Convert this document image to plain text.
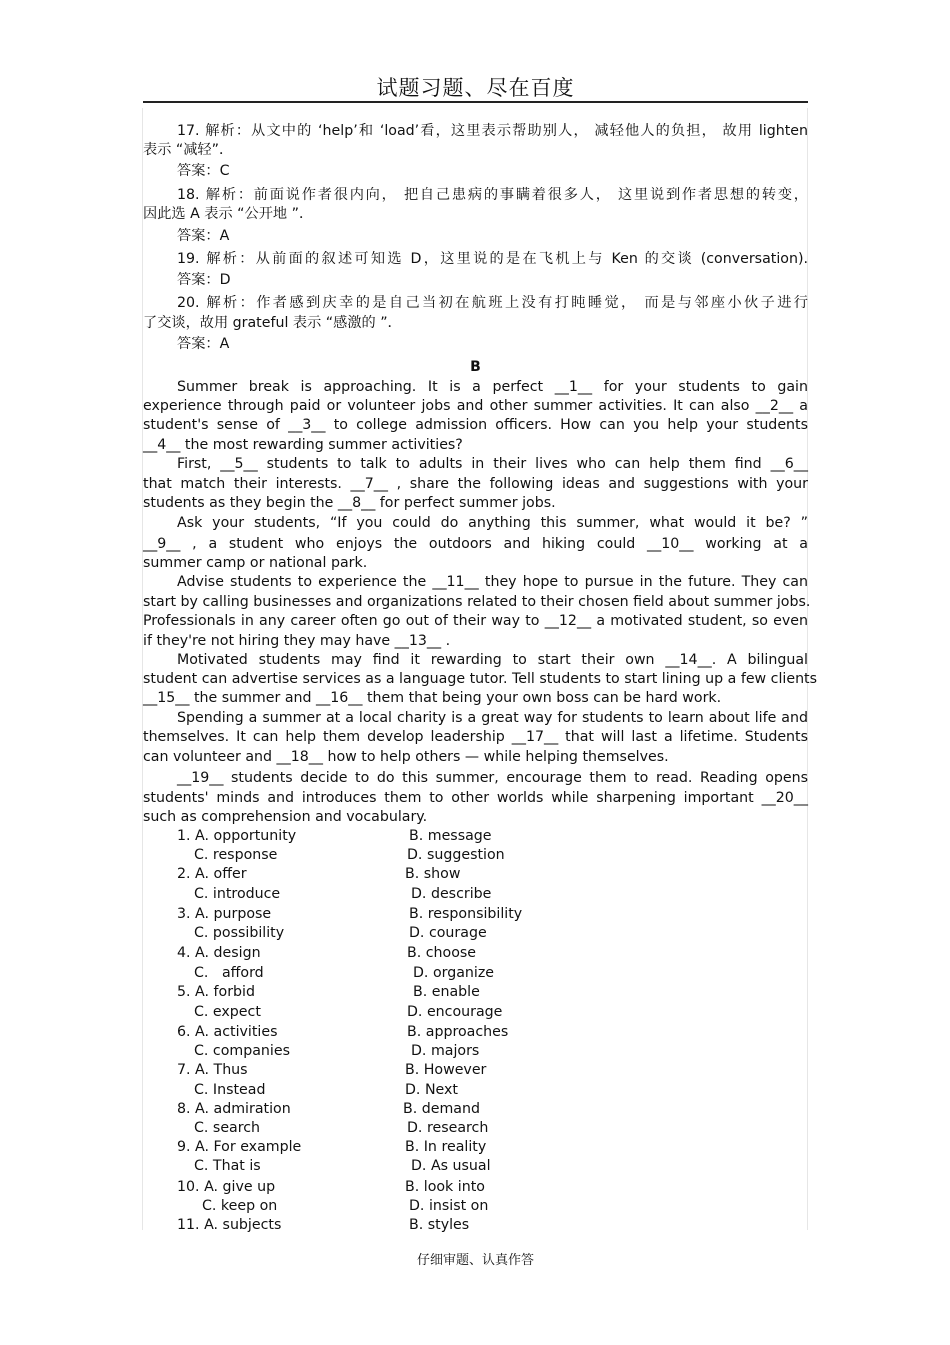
试题习题、尽在百度
17. 解析：从文中的 ‘help’和 ‘load’看，这里表示帮助别人， 减轻他人的负担， 故用 lighten
表示 “减轻”．
答案：C
18. 解析：前面说作者很内向， 把自己患病的事瞒着很多人， 这里说到作者思想的转变，
因此选 A 表示 “公开地 ”．
答案：A
19. 解析：从前面的叙述可知选 D，这里说的是在飞机上与 Ken 的交谈 (conversation).
答案：D
20. 解析：作者感到庆幸的是自己当初在航班上没有打盹睡觉， 而是与邻座小伙子进行
了交谈，故用 grateful 表示 “感激的 ”．
答案：A
B
Summer break is approaching. It is a perfect __1__ for your students to gain
experience through paid or volunteer jobs and other summer activities. It can also __2__ a
student's sense of __3__ to college admission officers. How can you help your students
__4__ the most rewarding summer activities?
First, __5__ students to talk to adults in their lives who can help them find __6__
that match their interests. __7__ , share the following ideas and suggestions with your
students as they begin the __8__ for perfect summer jobs.
Ask your students, “If you could do anything this summer, what would it be? ”
__9__ , a student who enjoys the outdoors and hiking could __10__ working at a
summer camp or national park.
Advise students to experience the __11__ they hope to pursue in the future. They can
start by calling businesses and organizations related to their chosen field about summer jobs.
Professionals in any career often go out of their way to __12__ a motivated student, so even
if they're not hiring they may have __13__ .
Motivated students may find it rewarding to start their own __14__. A bilingual
student can advertise services as a language tutor. Tell students to start lining up a few clients
__15__ the summer and __16__ them that being your own boss can be hard work.
Spending a summer at a local charity is a great way for students to learn about life and
themselves. It can help them develop leadership __17__ that will last a lifetime. Students
can volunteer and __18__ how to help others — while helping themselves.
__19__ students decide to do this summer, encourage them to read. Reading opens
students' minds and introduces them to other worlds while sharpening important __20__
such as comprehension and vocabulary.
1. A. opportunity	B. message
C. response	D. suggestion
2. A. offer	B. show
C. introduce	D. describe
3. A. purpose	B. responsibility
C. possibility	D. courage
4. A. design	B. choose
C.   afford	D. organize
5. A. forbid	B. enable
C. expect	D. encourage
6. A. activities	B. approaches
C. companies	D. majors
7. A. Thus	B. However
C. Instead	D. Next
8. A. admiration	B. demand
C. search	D. research
9. A. For example	B. In reality
C. That is	D. As usual
10. A. give up	B. look into
C. keep on	D. insist on
11. A. subjects	B. styles
仔细审题、认真作答
